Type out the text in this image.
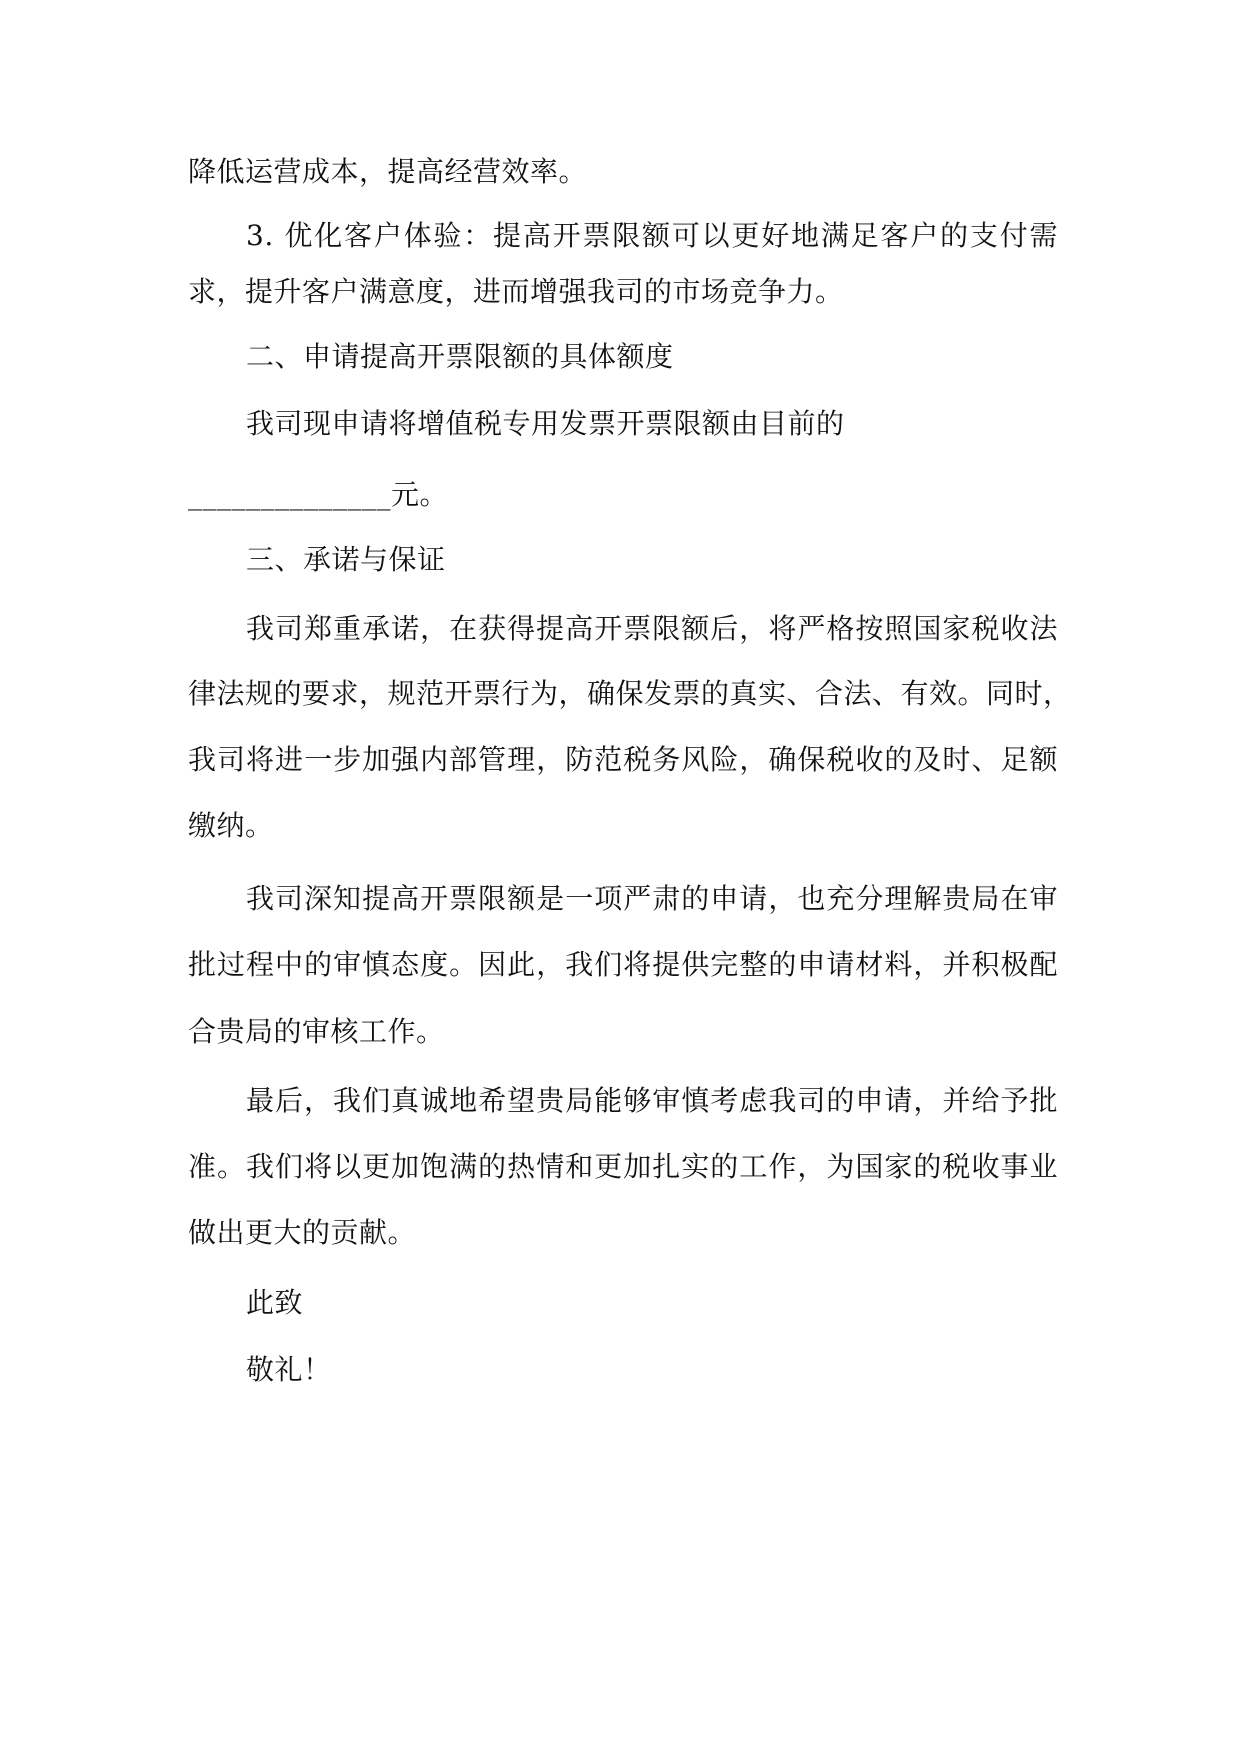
降低运营成本，提高经营效率。
3. 优化客户体验：提高开票限额可以更好地满足客户的支付需
求，提升客户满意度，进而增强我司的市场竞争力。
二、申请提高开票限额的具体额度
我司现申请将增值税专用发票开票限额由目前的
______________元。
三、承诺与保证
我司郑重承诺，在获得提高开票限额后，将严格按照国家税收法
律法规的要求，规范开票行为，确保发票的真实、合法、有效。同时，
我司将进一步加强内部管理，防范税务风险，确保税收的及时、足额
缴纳。
我司深知提高开票限额是一项严肃的申请，也充分理解贵局在审
批过程中的审慎态度。因此，我们将提供完整的申请材料，并积极配
合贵局的审核工作。
最后，我们真诚地希望贵局能够审慎考虑我司的申请，并给予批
准。我们将以更加饱满的热情和更加扎实的工作，为国家的税收事业
做出更大的贡献。
此致
敬礼！
